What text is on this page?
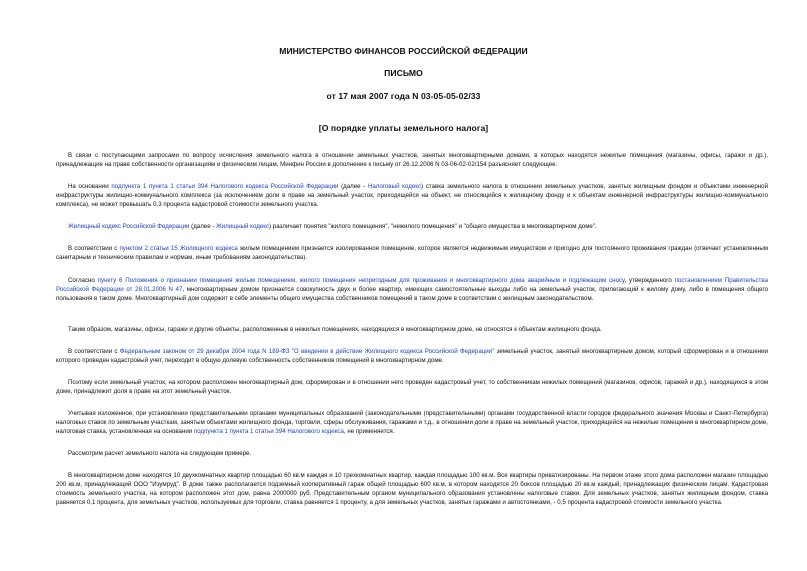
МИНИСТЕРСТВО ФИНАНСОВ РОССИЙСКОЙ ФЕДЕРАЦИИ
ПИСЬМО
от 17 мая 2007 года N 03-05-05-02/33
[О порядке уплаты земельного налога]
В связи с поступающими запросами по вопросу исчисления земельного налога в отношении земельных участков, занятых многоквартирными домами, в которых находятся нежилые помещения (магазины, офисы, гаражи и др.), принадлежащие на праве собственности организациям и физическим лицам, Минфин России в дополнение к письму от 26.12.2006 N 03-06-02-02/154 разъясняет следующее.
На основании подпункта 1 пункта 1 статьи 394 Налогового кодекса Российской Федерации (далее - Налоговый кодекс) ставка земельного налога в отношении земельных участков, занятых жилищным фондом и объектами инженерной инфраструктуры жилищно-коммунального комплекса (за исключением доли в праве на земельный участок, приходящейся на объект, не относящийся к жилищному фонду и к объектам инженерной инфраструктуры жилищно-коммунального комплекса), не может превышать 0,3 процента кадастровой стоимости земельного участка.
Жилищный кодекс Российской Федерации (далее - Жилищный кодекс) различает понятия "жилого помещения", "нежилого помещения" и "общего имущества в многоквартирном доме".
В соответствии с пунктом 2 статьи 15 Жилищного кодекса жилым помещением признается изолированное помещение, которое является недвижимым имуществом и пригодно для постоянного проживания граждан (отвечает установленным санитарным и техническим правилам и нормам, иным требованиям законодательства).
Согласно пункту 6 Положения о признании помещения жилым помещением, жилого помещения непригодным для проживания и многоквартирного дома аварийным и подлежащим сносу, утвержденного постановлением Правительства Российской Федерации от 28.01.2006 N 47, многоквартирным домом признается совокупность двух и более квартир, имеющих самостоятельные выходы либо на земельный участок, прилегающий к жилому дому, либо в помещения общего пользования в таком доме. Многоквартирный дом содержит в себе элементы общего имущества собственников помещений в таком доме в соответствии с жилищным законодательством.
Таким образом, магазины, офисы, гаражи и другие объекты, расположенные в нежилых помещениях, находящихся в многоквартирном доме, не относятся к объектам жилищного фонда.
В соответствии с Федеральным законом от 29 декабря 2004 года N 189-ФЗ "О введении в действие Жилищного кодекса Российской Федерации" земельный участок, занятый многоквартирным домом, который сформирован и в отношении которого проведен кадастровый учет, переходит в общую долевую собственность собственников помещений в многоквартирном доме.
Поэтому если земельный участок, на котором расположен многоквартирный дом, сформирован и в отношении него проведен кадастровый учет, то собственникам нежилых помещений (магазинов, офисов, гаражей и др.), находящихся в этом доме, принадлежит доля в праве на этот земельный участок.
Учитывая изложенное, при установлении представительными органами муниципальных образований (законодательными (представительными) органами государственной власти городов федерального значения Москвы и Санкт-Петербурга) налоговых ставок по земельным участкам, занятым объектами жилищного фонда, торговли, сферы обслуживания, гаражами и т.д., в отношении доли в праве на земельный участок, приходящейся на нежилые помещения в многоквартирном доме, налоговая ставка, установленная на основании подпункта 1 пункта 1 статьи 394 Налогового кодекса, не применяется.
Рассмотрим расчет земельного налога на следующем примере.
В многоквартирном доме находятся 10 двухкомнатных квартир площадью 60 кв.м каждая и 10 трехкомнатных квартир, каждая площадью 100 кв.м. Все квартиры приватизированы. На первом этаже этого дома расположен магазин площадью 200 кв.м, принадлежащий ООО "Изумруд". В доме также располагается подземный кооперативный гараж общей площадью 600 кв.м, в котором находятся 20 боксов площадью 20 кв.м каждый, принадлежащих физическим лицам. Кадастровая стоимость земельного участка, на котором расположен этот дом, равна 2000000 руб. Представительным органом муниципального образования установлены налоговые ставки. Для земельных участков, занятых жилищным фондом, ставка равняется 0,1 процента, для земельных участков, используемых для торговли, ставка равняется 1 проценту, а для земельных участков, занятых гаражами и автостоянками, - 0,5 процента кадастровой стоимости земельного участка.
